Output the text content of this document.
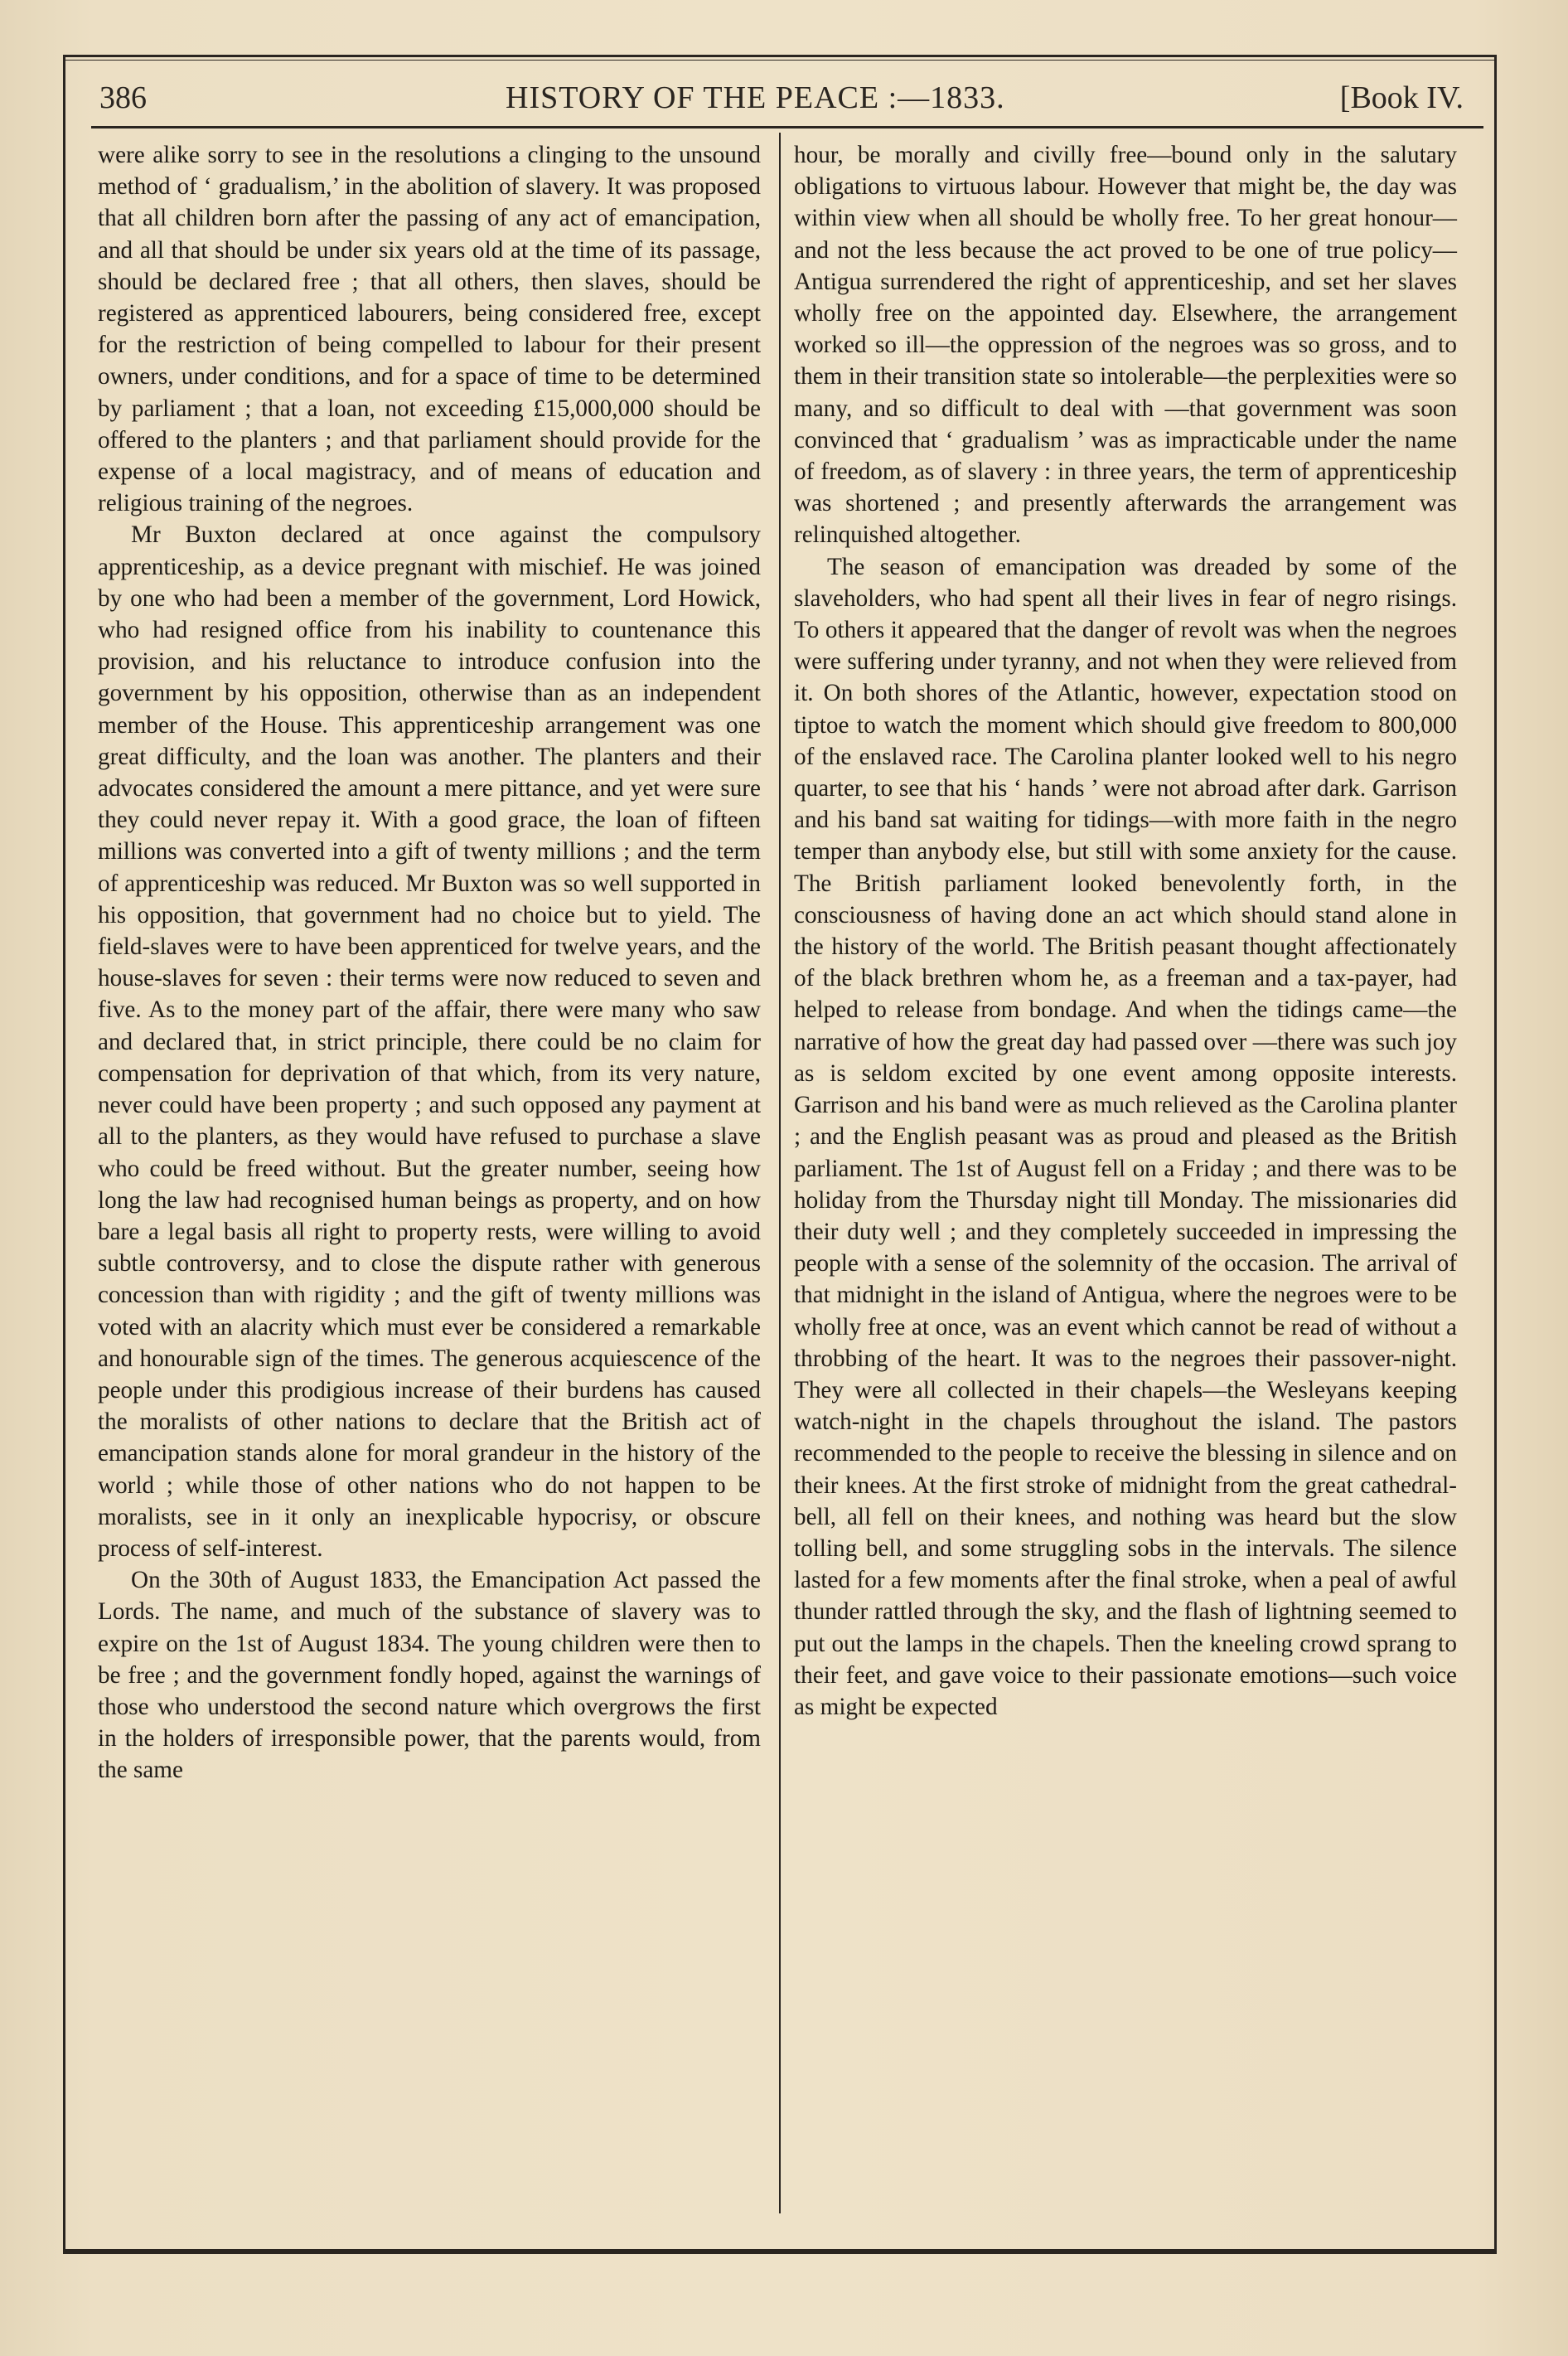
386	HISTORY OF THE PEACE :—1833.	[Book IV.

were alike sorry to see in the resolutions a clinging to the unsound method of ‘ gradualism,’ in the abolition of slavery. It was proposed that all children born after the passing of any act of emancipation, and all that should be under six years old at the time of its passage, should be declared free ; that all others, then slaves, should be registered as apprenticed labourers, being considered free, except for the restriction of being compelled to labour for their present owners, under conditions, and for a space of time to be determined by parliament ; that a loan, not exceeding £15,000,000 should be offered to the planters ; and that parliament should provide for the expense of a local magistracy, and of means of education and religious training of the negroes.

Mr Buxton declared at once against the compulsory apprenticeship, as a device pregnant with mischief. He was joined by one who had been a member of the government, Lord Howick, who had resigned office from his inability to countenance this provision, and his reluctance to introduce confusion into the government by his opposition, otherwise than as an independent member of the House. This apprenticeship arrangement was one great difficulty, and the loan was another. The planters and their advocates considered the amount a mere pittance, and yet were sure they could never repay it. With a good grace, the loan of fifteen millions was converted into a gift of twenty millions ; and the term of apprenticeship was reduced. Mr Buxton was so well supported in his opposition, that government had no choice but to yield. The field-slaves were to have been apprenticed for twelve years, and the house-slaves for seven : their terms were now reduced to seven and five. As to the money part of the affair, there were many who saw and declared that, in strict principle, there could be no claim for compensation for deprivation of that which, from its very nature, never could have been property ; and such opposed any payment at all to the planters, as they would have refused to purchase a slave who could be freed without. But the greater number, seeing how long the law had recognised human beings as property, and on how bare a legal basis all right to property rests, were willing to avoid subtle controversy, and to close the dispute rather with generous concession than with rigidity ; and the gift of twenty millions was voted with an alacrity which must ever be considered a remarkable and honourable sign of the times. The generous acquiescence of the people under this prodigious increase of their burdens has caused the moralists of other nations to declare that the British act of emancipation stands alone for moral grandeur in the history of the world ; while those of other nations who do not happen to be moralists, see in it only an inexplicable hypocrisy, or obscure process of self-interest.

On the 30th of August 1833, the Emancipation Act passed the Lords. The name, and much of the substance of slavery was to expire on the 1st of August 1834. The young children were then to be free ; and the government fondly hoped, against the warnings of those who understood the second nature which overgrows the first in the holders of irresponsible power, that the parents would, from the same

hour, be morally and civilly free—bound only in the salutary obligations to virtuous labour. However that might be, the day was within view when all should be wholly free. To her great honour—and not the less because the act proved to be one of true policy—Antigua surrendered the right of apprenticeship, and set her slaves wholly free on the appointed day. Elsewhere, the arrangement worked so ill—the oppression of the negroes was so gross, and to them in their transition state so intolerable—the perplexities were so many, and so difficult to deal with —that government was soon convinced that ‘ gradualism ’ was as impracticable under the name of freedom, as of slavery : in three years, the term of apprenticeship was shortened ; and presently afterwards the arrangement was relinquished altogether.

The season of emancipation was dreaded by some of the slaveholders, who had spent all their lives in fear of negro risings. To others it appeared that the danger of revolt was when the negroes were suffering under tyranny, and not when they were relieved from it. On both shores of the Atlantic, however, expectation stood on tiptoe to watch the moment which should give freedom to 800,000 of the enslaved race. The Carolina planter looked well to his negro quarter, to see that his ‘ hands ’ were not abroad after dark. Garrison and his band sat waiting for tidings—with more faith in the negro temper than anybody else, but still with some anxiety for the cause. The British parliament looked benevolently forth, in the consciousness of having done an act which should stand alone in the history of the world. The British peasant thought affectionately of the black brethren whom he, as a freeman and a tax-payer, had helped to release from bondage. And when the tidings came—the narrative of how the great day had passed over —there was such joy as is seldom excited by one event among opposite interests. Garrison and his band were as much relieved as the Carolina planter ; and the English peasant was as proud and pleased as the British parliament. The 1st of August fell on a Friday ; and there was to be holiday from the Thursday night till Monday. The missionaries did their duty well ; and they completely succeeded in impressing the people with a sense of the solemnity of the occasion. The arrival of that midnight in the island of Antigua, where the negroes were to be wholly free at once, was an event which cannot be read of without a throbbing of the heart. It was to the negroes their passover-night. They were all collected in their chapels—the Wesleyans keeping watch-night in the chapels throughout the island. The pastors recommended to the people to receive the blessing in silence and on their knees. At the first stroke of midnight from the great cathedral-bell, all fell on their knees, and nothing was heard but the slow tolling bell, and some struggling sobs in the intervals. The silence lasted for a few moments after the final stroke, when a peal of awful thunder rattled through the sky, and the flash of lightning seemed to put out the lamps in the chapels. Then the kneeling crowd sprang to their feet, and gave voice to their passionate emotions—such voice as might be expected
